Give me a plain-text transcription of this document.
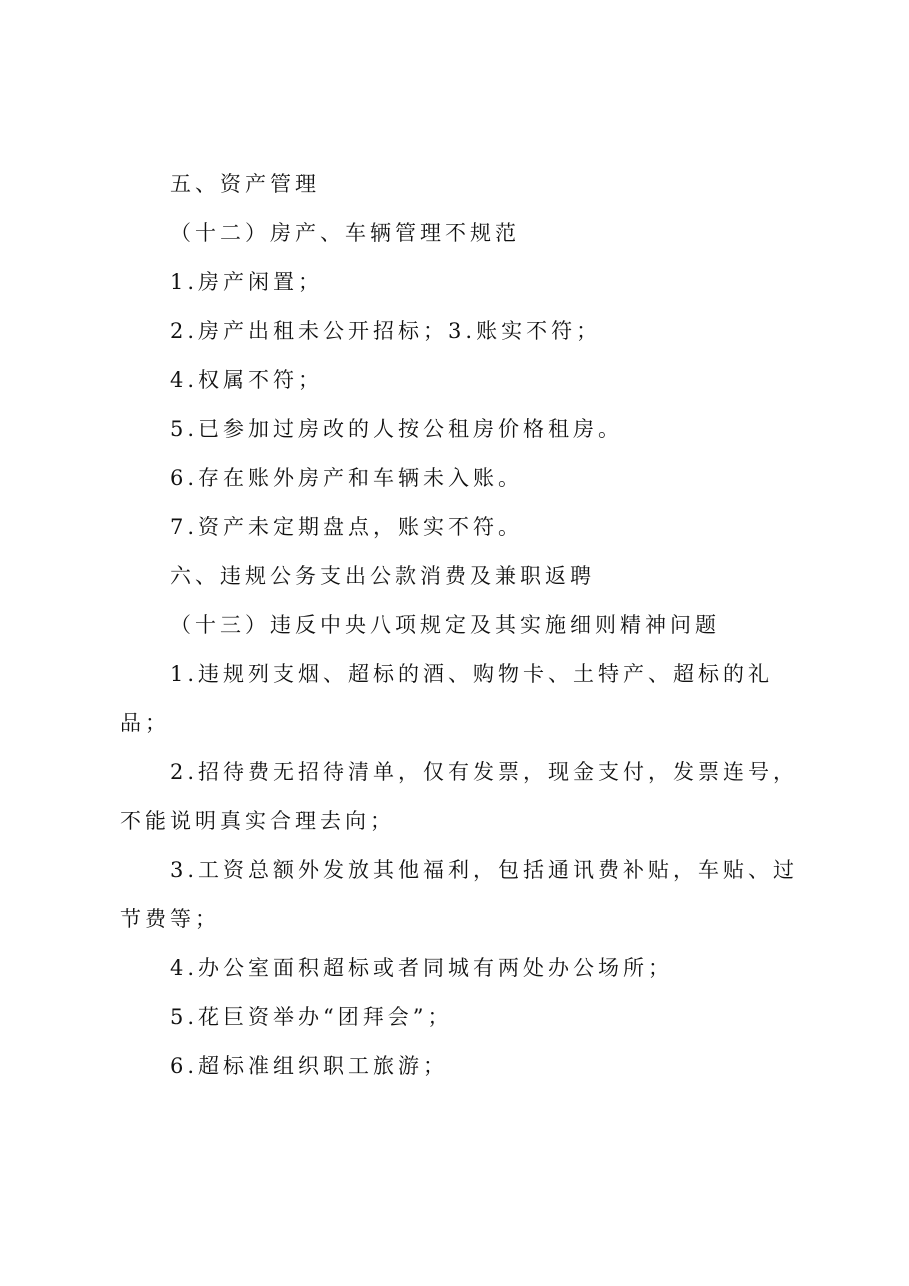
五、资产管理

（十二）房产、车辆管理不规范

1.房产闲置；

2.房产出租未公开招标；3.账实不符；

4.权属不符；

5.已参加过房改的人按公租房价格租房。

6.存在账外房产和车辆未入账。

7.资产未定期盘点，账实不符。

六、违规公务支出公款消费及兼职返聘

（十三）违反中央八项规定及其实施细则精神问题

1.违规列支烟、超标的酒、购物卡、土特产、超标的礼品；

2.招待费无招待清单，仅有发票，现金支付，发票连号，不能说明真实合理去向；

3.工资总额外发放其他福利，包括通讯费补贴，车贴、过节费等；

4.办公室面积超标或者同城有两处办公场所；

5.花巨资举办“团拜会”；

6.超标准组织职工旅游；
